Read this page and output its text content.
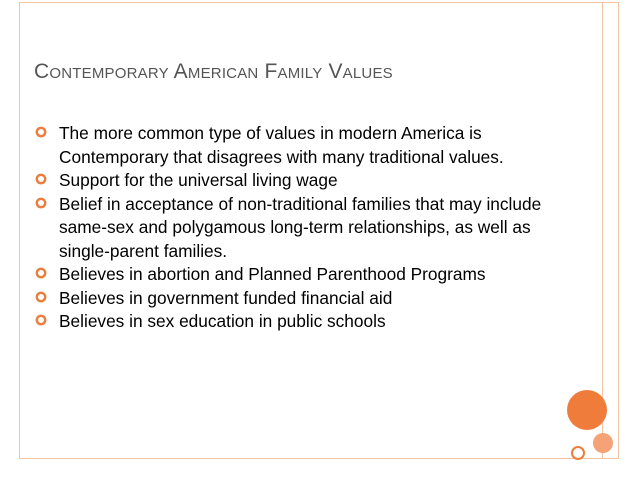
Contemporary American Family Values
The more common type of values in modern America is Contemporary that disagrees with many traditional values.
Support for the universal living wage
Belief in acceptance of non-traditional families that may include same-sex and polygamous long-term relationships, as well as single-parent families.
Believes in abortion and Planned Parenthood Programs
Believes in government funded financial aid
Believes in sex education in public schools
